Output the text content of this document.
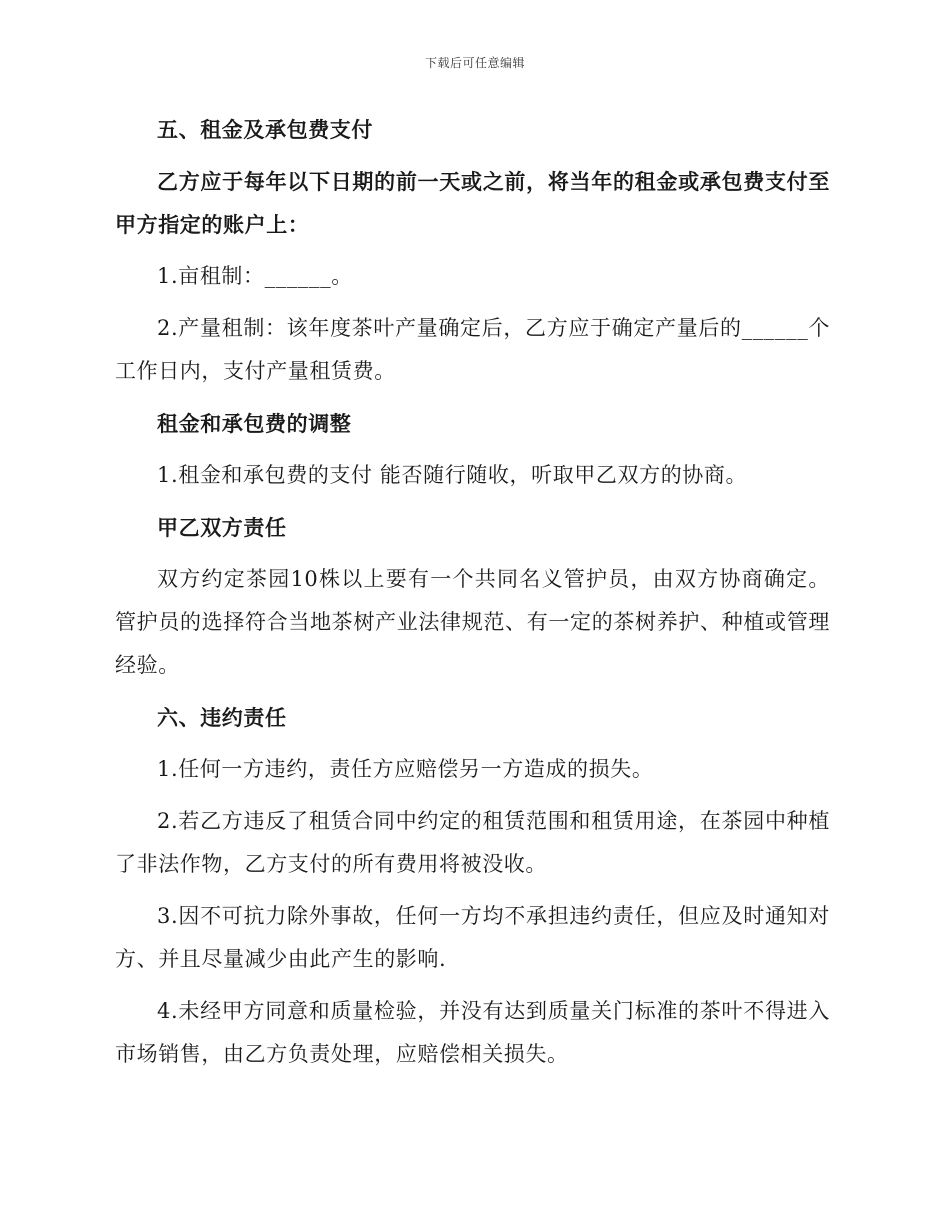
下载后可任意编辑

五、租金及承包费支付

乙方应于每年以下日期的前一天或之前，将当年的租金或承包费支付至甲方指定的账户上：

1.亩租制：______。

2.产量租制：该年度茶叶产量确定后，乙方应于确定产量后的______个工作日内，支付产量租赁费。

租金和承包费的调整

1.租金和承包费的支付 能否随行随收，听取甲乙双方的协商。

甲乙双方责任

双方约定茶园10株以上要有一个共同名义管护员，由双方协商确定。管护员的选择符合当地茶树产业法律规范、有一定的茶树养护、种植或管理经验。

六、违约责任

1.任何一方违约，责任方应赔偿另一方造成的损失。

2.若乙方违反了租赁合同中约定的租赁范围和租赁用途，在茶园中种植了非法作物，乙方支付的所有费用将被没收。

3.因不可抗力除外事故，任何一方均不承担违约责任，但应及时通知对方、并且尽量减少由此产生的影响.

4.未经甲方同意和质量检验，并没有达到质量关门标准的茶叶不得进入市场销售，由乙方负责处理，应赔偿相关损失。
